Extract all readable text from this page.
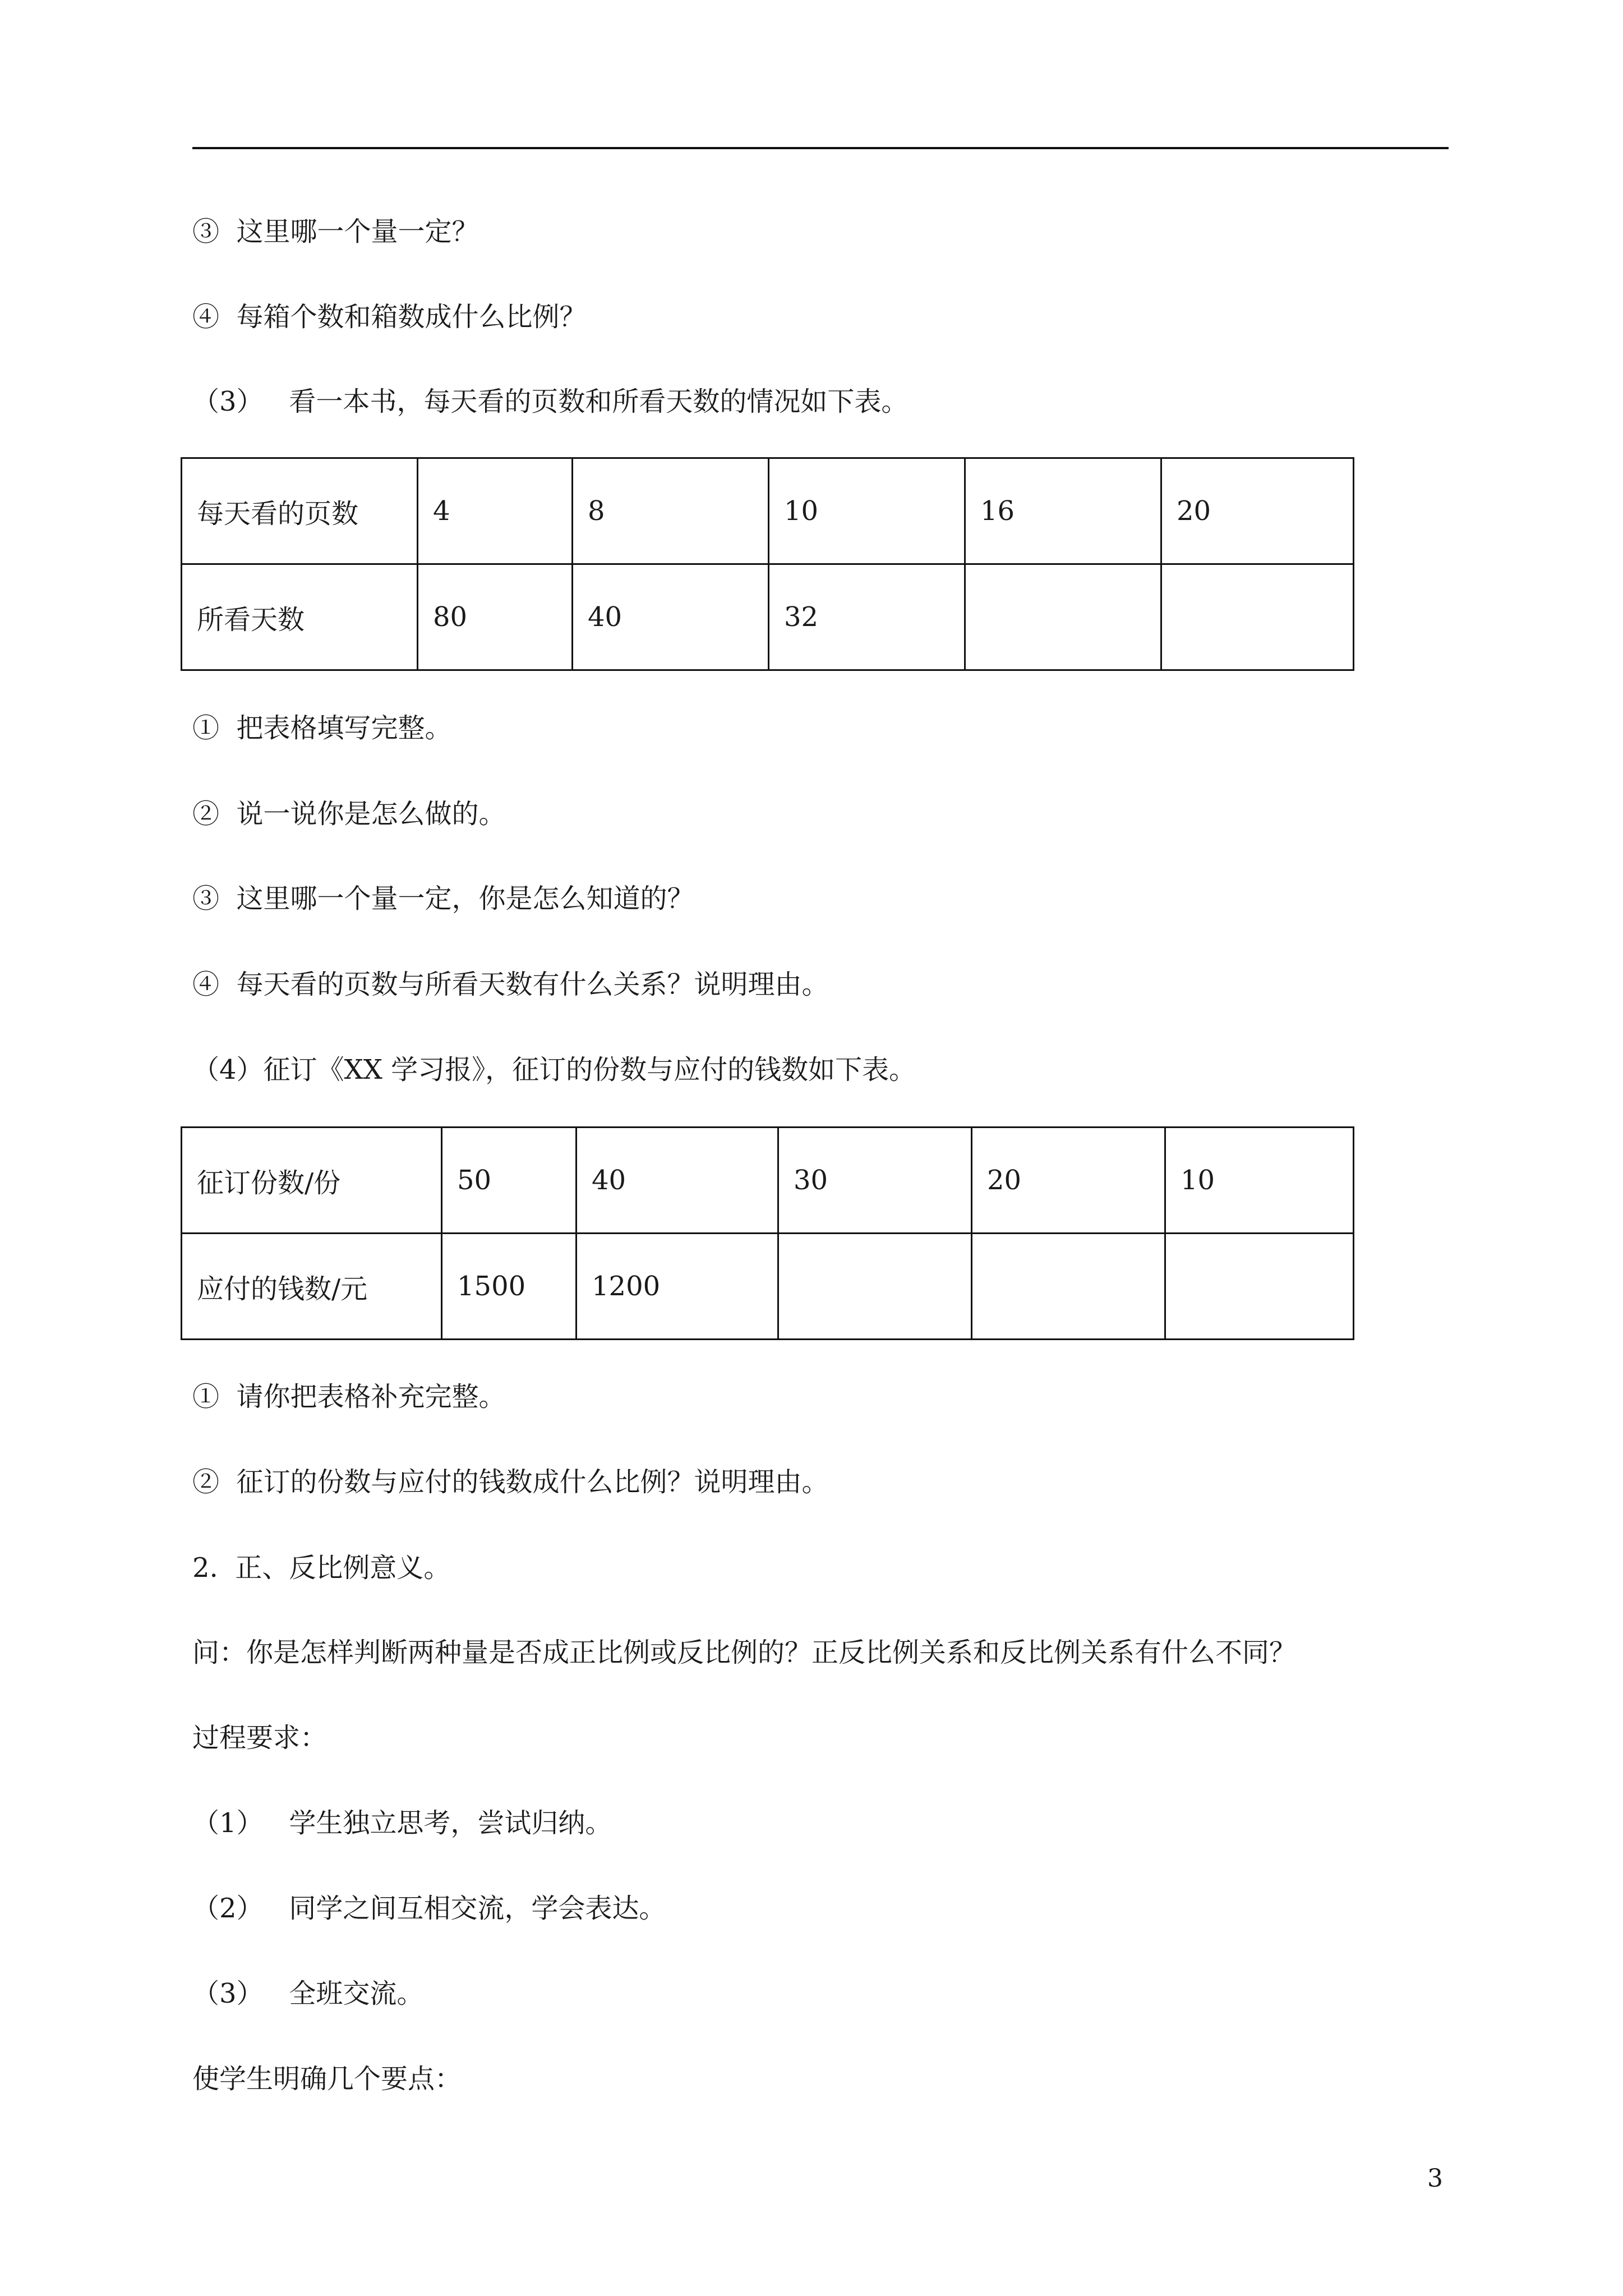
③  这里哪一个量一定？
④  每箱个数和箱数成什么比例？
（3）   看一本书，每天看的页数和所看天数的情况如下表。
每天看的页数	4	8	10	16	20
所看天数	80	40	32		
①  把表格填写完整。
②  说一说你是怎么做的。
③  这里哪一个量一定，你是怎么知道的？
④  每天看的页数与所看天数有什么关系？说明理由。
（4）征订《XX 学习报》，征订的份数与应付的钱数如下表。
征订份数/份	50	40	30	20	10
应付的钱数/元	1500	1200			
①  请你把表格补充完整。
②  征订的份数与应付的钱数成什么比例？说明理由。
2.  正、反比例意义。
问：你是怎样判断两种量是否成正比例或反比例的？正反比例关系和反比例关系有什么不同？
过程要求：
（1）   学生独立思考，尝试归纳。
（2）   同学之间互相交流，学会表达。
（3）   全班交流。
使学生明确几个要点：
3
